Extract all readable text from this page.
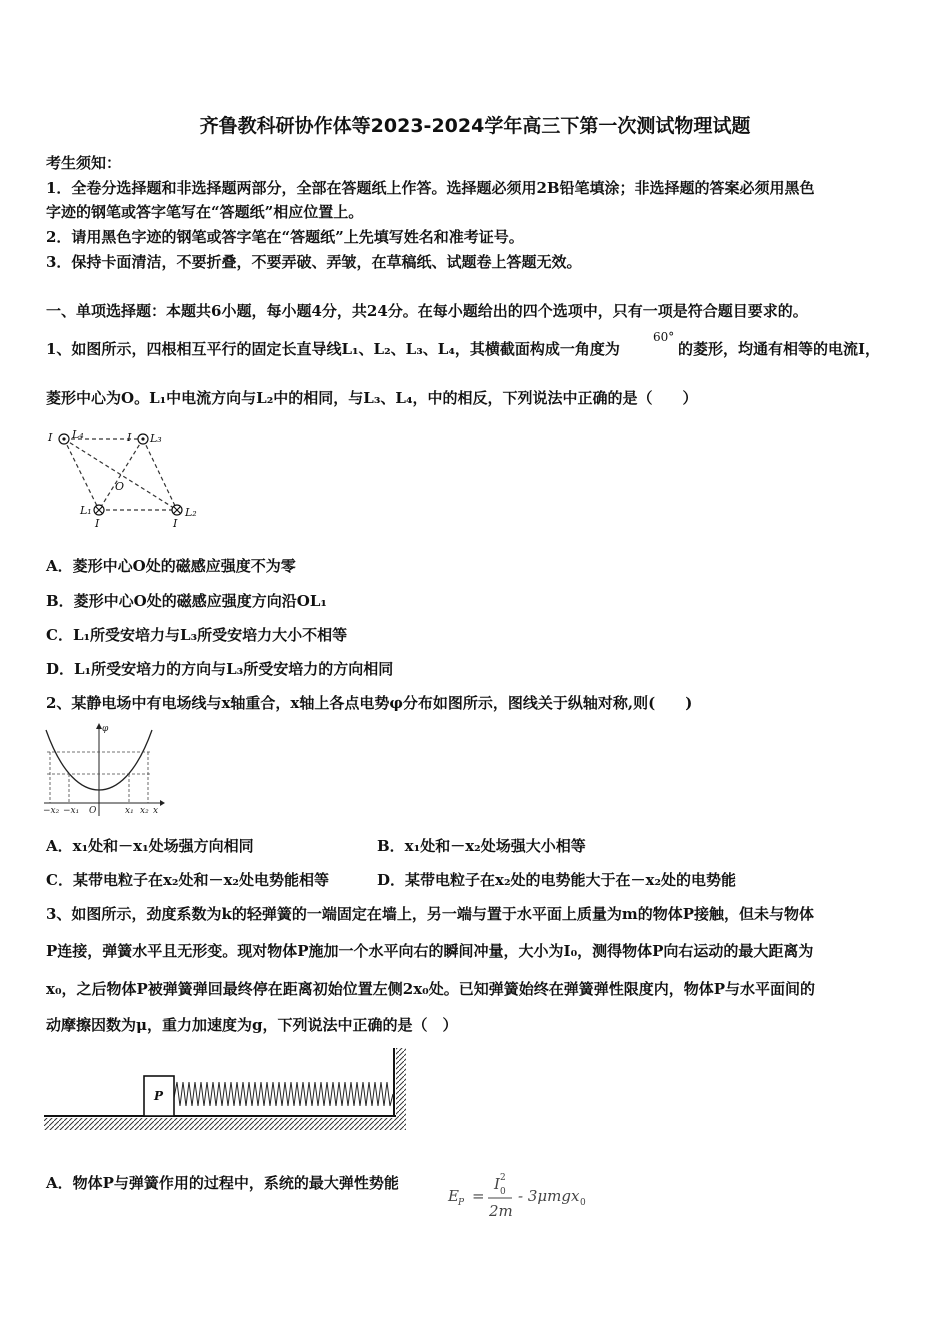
齐鲁教科研协作体等2023-2024学年高三下第一次测试物理试题
考生须知：
1．全卷分选择题和非选择题两部分，全部在答题纸上作答。选择题必须用2B铅笔填涂；非选择题的答案必须用黑色
字迹的钢笔或答字笔写在“答题纸”相应位置上。
2．请用黑色字迹的钢笔或答字笔在“答题纸”上先填写姓名和准考证号。
3．保持卡面清洁，不要折叠，不要弄破、弄皱，在草稿纸、试题卷上答题无效。
一、单项选择题：本题共6小题，每小题4分，共24分。在每小题给出的四个选项中，只有一项是符合题目要求的。
1、如图所示，四根相互平行的固定长直导线L₁、L₂、L₃、L₄，其横截面构成一角度为
60°
的菱形，均通有相等的电流I，
菱形中心为O。L₁中电流方向与L₂中的相同，与L₃、L₄，中的相反，下列说法中正确的是（　　）
I L₄	I L₃
O
L₁
I
L₂
I
A．菱形中心O处的磁感应强度不为零
B．菱形中心O处的磁感应强度方向沿OL₁
C．L₁所受安培力与L₃所受安培力大小不相等
D．L₁所受安培力的方向与L₃所受安培力的方向相同
2、某静电场中有电场线与x轴重合，x轴上各点电势φ分布如图所示，图线关于纵轴对称,则(　　)
φ
x
O
−x₂ −x₁	x₁ x₂
A．x₁处和－x₁处场强方向相同	B．x₁处和－x₂处场强大小相等
C．某带电粒子在x₂处和－x₂处电势能相等	D．某带电粒子在x₂处的电势能大于在－x₂处的电势能
3、如图所示，劲度系数为k的轻弹簧的一端固定在墙上，另一端与置于水平面上质量为m的物体P接触，但未与物体
P连接，弹簧水平且无形变。现对物体P施加一个水平向右的瞬间冲量，大小为I₀，测得物体P向右运动的最大距离为
x₀，之后物体P被弹簧弹回最终停在距离初始位置左侧2x₀处。已知弹簧始终在弹簧弹性限度内，物体P与水平面间的
动摩擦因数为μ，重力加速度为g，下列说法中正确的是（　）
P
A．物体P与弹簧作用的过程中，系统的最大弹性势能
E P =
I 2
0
2m
- 3μmgx 0
